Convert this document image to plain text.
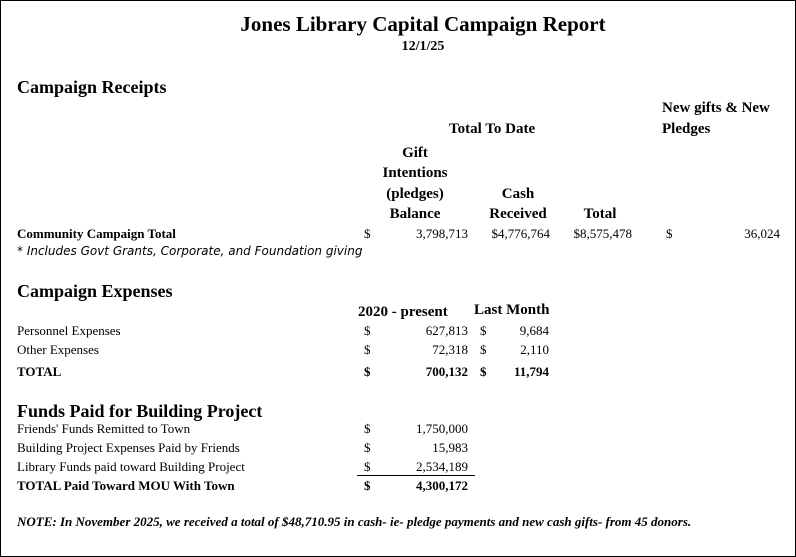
Jones Library Capital Campaign Report
12/1/25
Campaign Receipts
New gifts & New
Pledges
Total To Date
Gift
Intentions
(pledges)
Balance
Cash
Received	Total
Community Campaign Total	$	3,798,713	$4,776,764	$8,575,478	$	36,024
* Includes Govt Grants, Corporate, and Foundation giving
Campaign Expenses
2020 - present Last Month
Personnel Expenses	$	627,813 $	9,684
Other Expenses	$	72,318 $	2,110
TOTAL	$	700,132 $	11,794
Funds Paid for Building Project
Friends' Funds Remitted to Town	$	1,750,000
Building Project Expenses Paid by Friends	$	15,983
Library Funds paid toward Building Project	$	2,534,189
TOTAL Paid Toward MOU With Town	$	4,300,172
NOTE: In November 2025, we received a total of $48,710.95 in cash- ie- pledge payments and new cash gifts- from 45 donors.
